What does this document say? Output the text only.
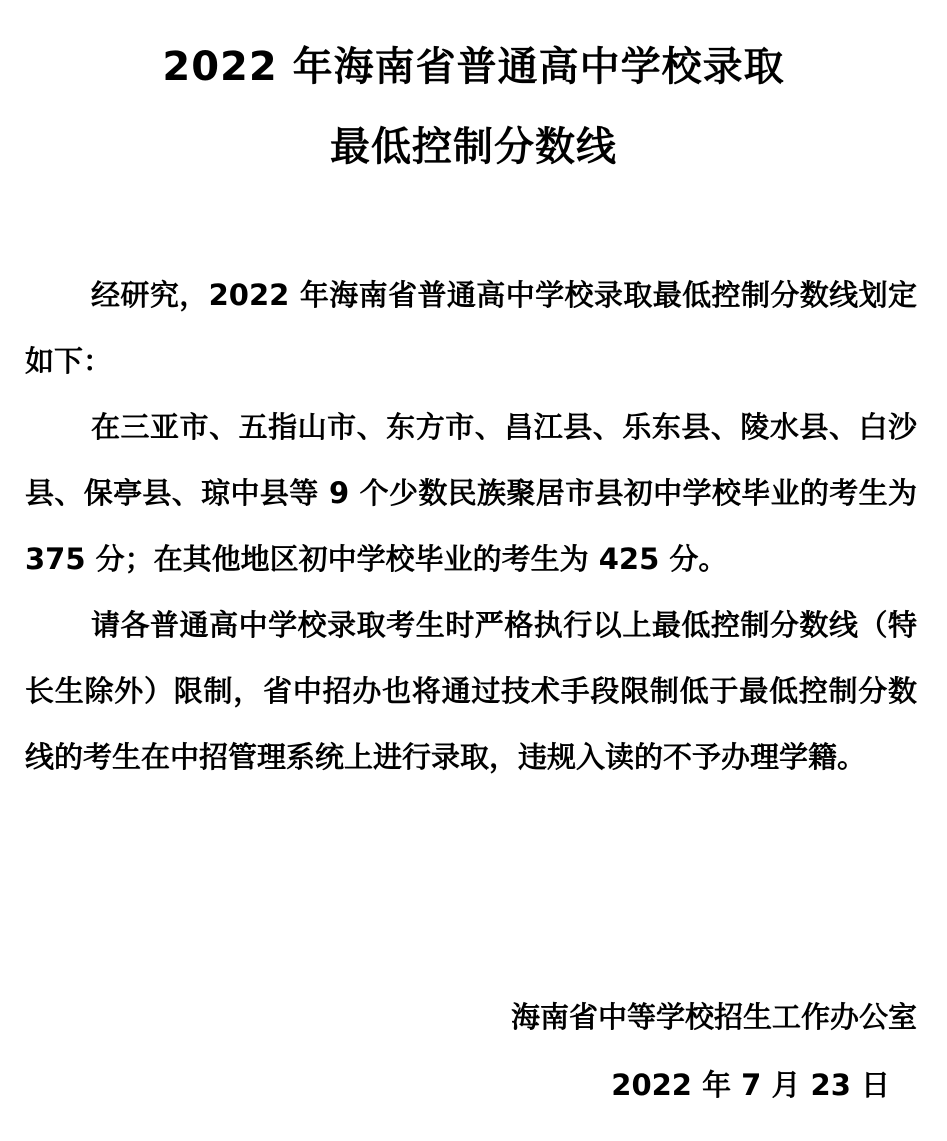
2022 年海南省普通高中学校录取
最低控制分数线

经研究，2022 年海南省普通高中学校录取最低控制分数线划定如下：

在三亚市、五指山市、东方市、昌江县、乐东县、陵水县、白沙县、保亭县、琼中县等 9 个少数民族聚居市县初中学校毕业的考生为 375 分；在其他地区初中学校毕业的考生为 425 分。

请各普通高中学校录取考生时严格执行以上最低控制分数线（特长生除外）限制，省中招办也将通过技术手段限制低于最低控制分数线的考生在中招管理系统上进行录取，违规入读的不予办理学籍。

海南省中等学校招生工作办公室
2022 年 7 月 23 日
